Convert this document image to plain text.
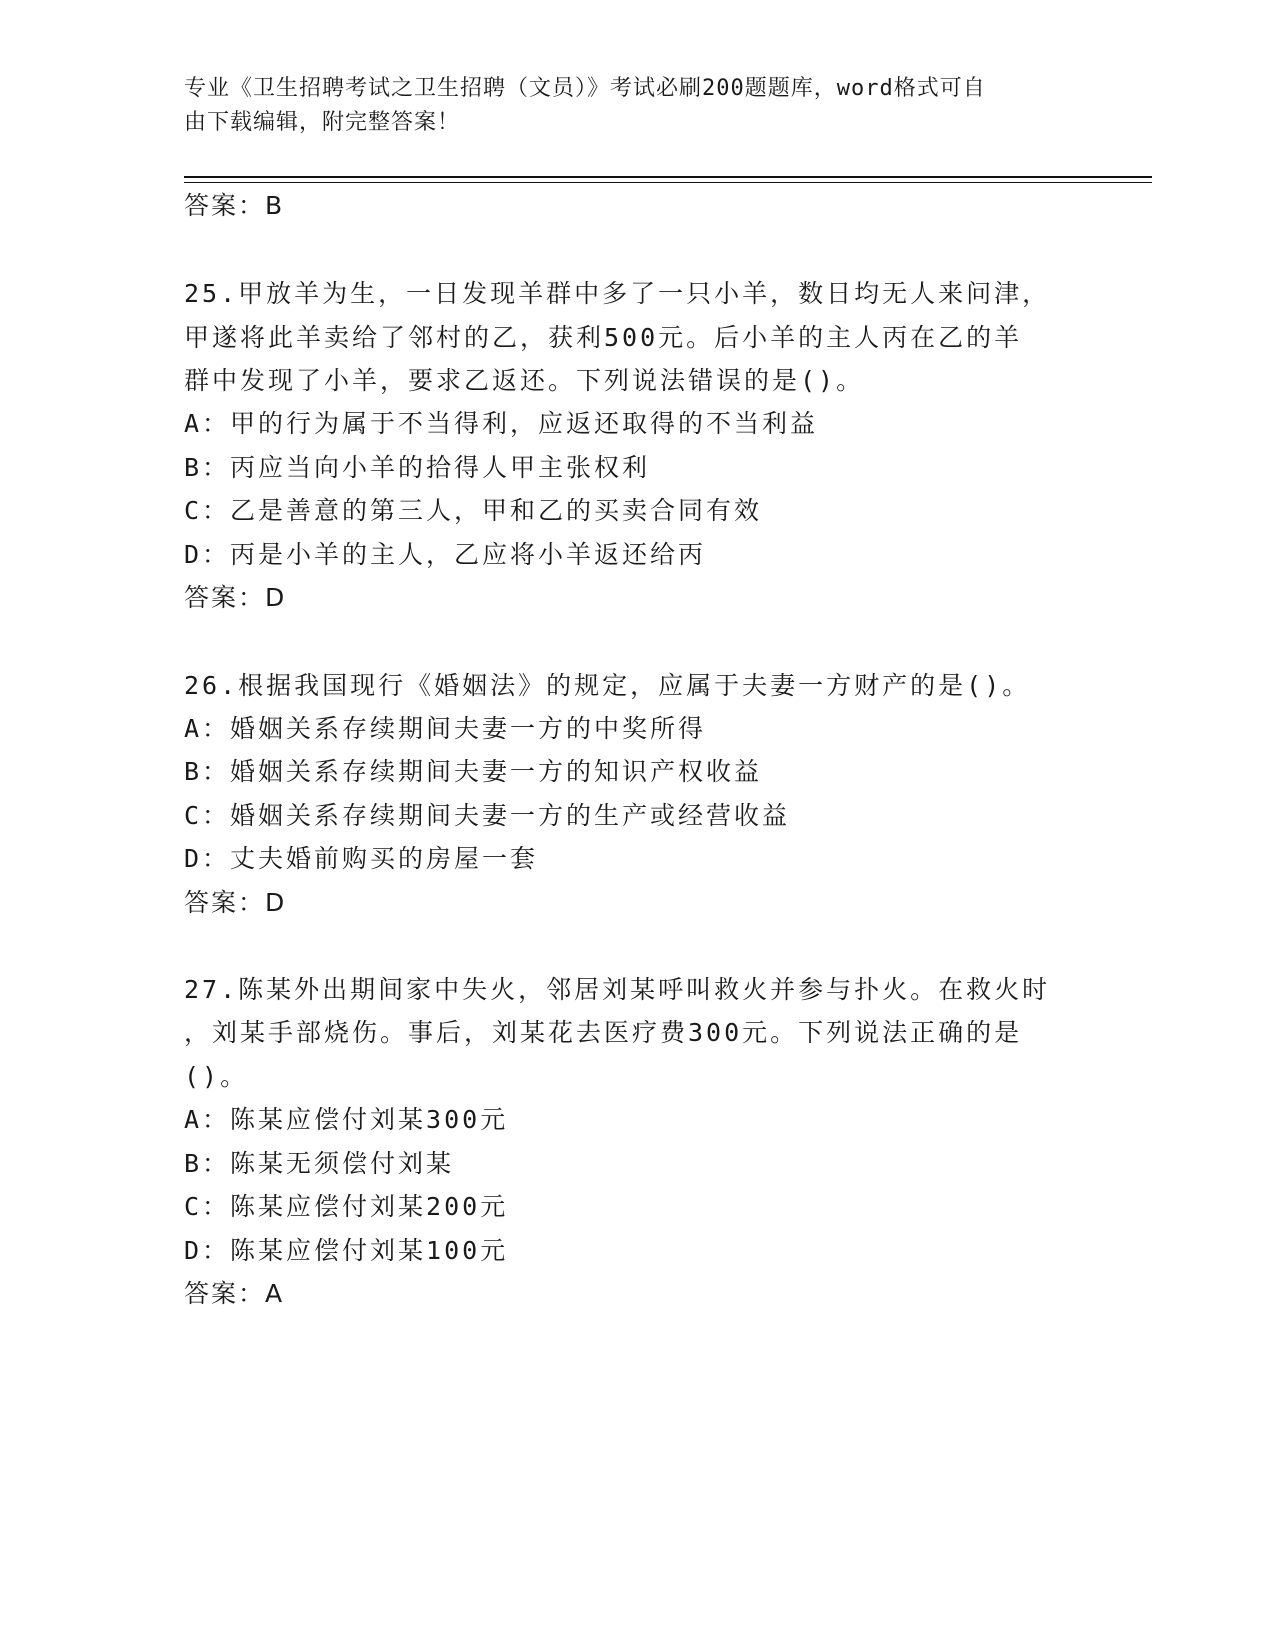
专业《卫生招聘考试之卫生招聘（文员）》考试必刷200题题库，word格式可自
由下载编辑，附完整答案！
答案：B
25.甲放羊为生，一日发现羊群中多了一只小羊，数日均无人来问津，
甲遂将此羊卖给了邻村的乙，获利500元。后小羊的主人丙在乙的羊
群中发现了小羊，要求乙返还。下列说法错误的是()。
A：甲的行为属于不当得利，应返还取得的不当利益
B：丙应当向小羊的拾得人甲主张权利
C：乙是善意的第三人，甲和乙的买卖合同有效
D：丙是小羊的主人，乙应将小羊返还给丙
答案：D
26.根据我国现行《婚姻法》的规定，应属于夫妻一方财产的是()。
A：婚姻关系存续期间夫妻一方的中奖所得
B：婚姻关系存续期间夫妻一方的知识产权收益
C：婚姻关系存续期间夫妻一方的生产或经营收益
D：丈夫婚前购买的房屋一套
答案：D
27.陈某外出期间家中失火，邻居刘某呼叫救火并参与扑火。在救火时
，刘某手部烧伤。事后，刘某花去医疗费300元。下列说法正确的是
()。
A：陈某应偿付刘某300元
B：陈某无须偿付刘某
C：陈某应偿付刘某200元
D：陈某应偿付刘某100元
答案：A
